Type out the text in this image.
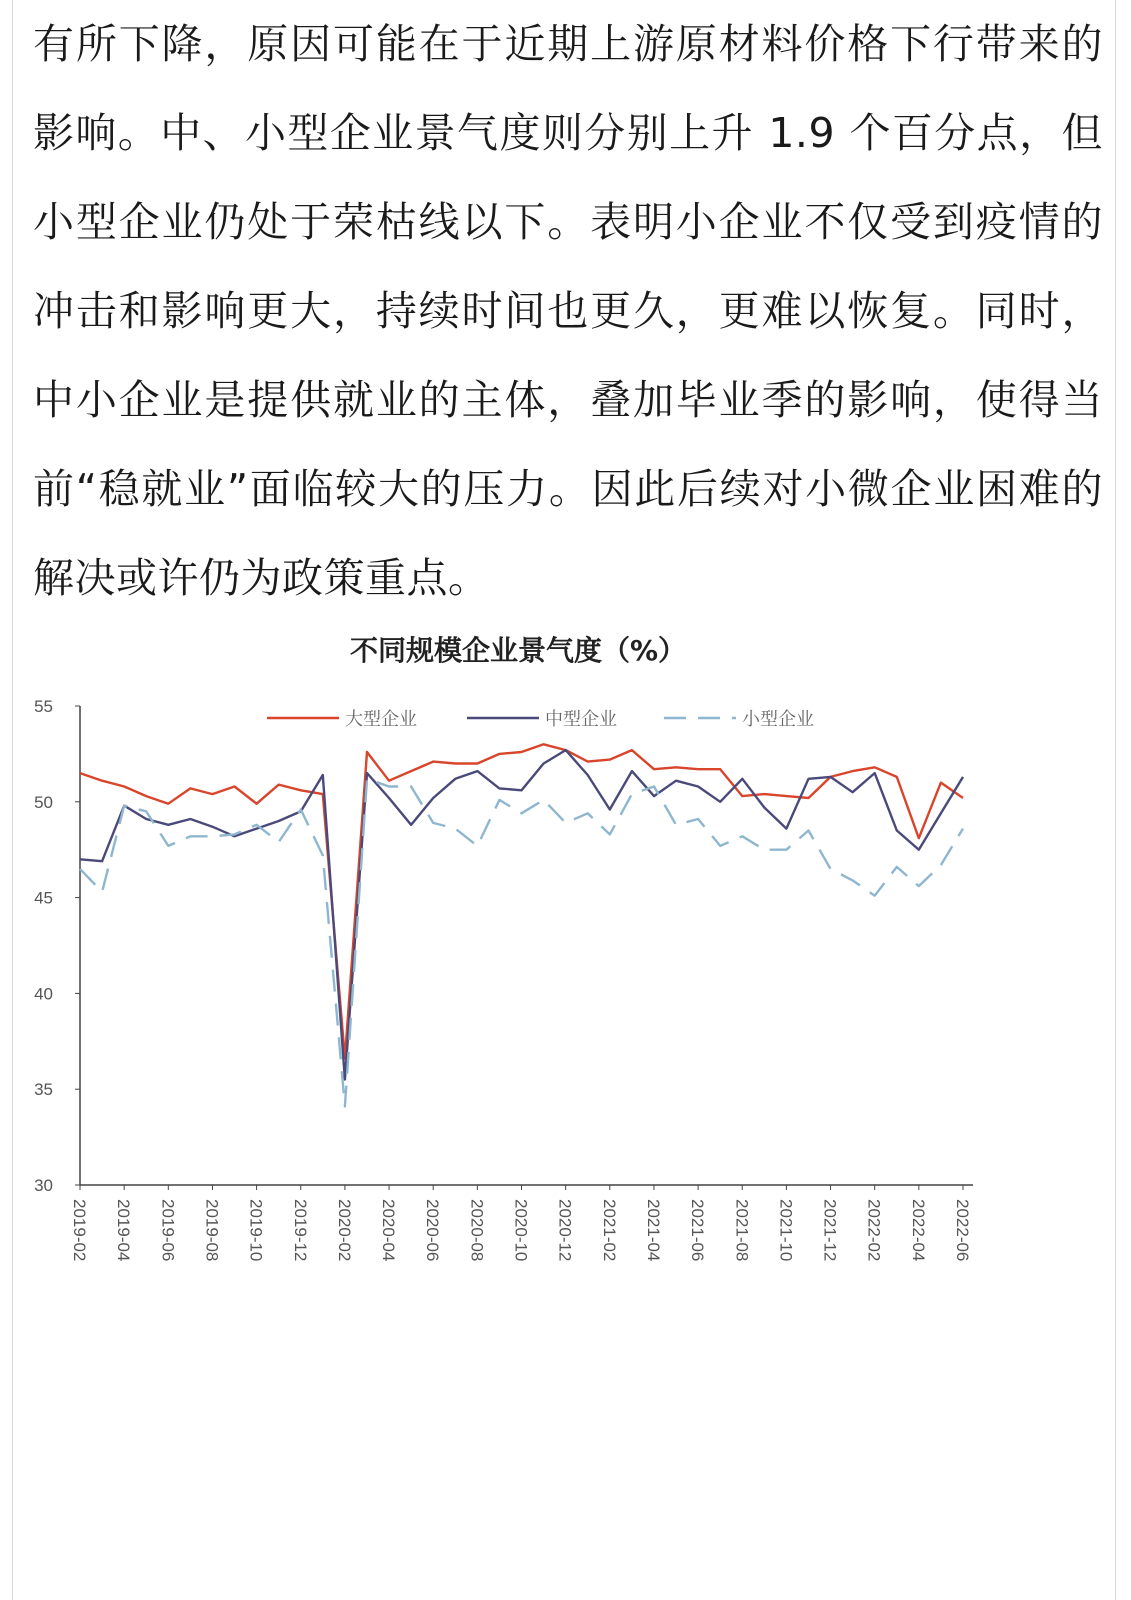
有所下降，原因可能在于近期上游原材料价格下行带来的影响。中、小型企业景气度则分别上升 1.9 个百分点，但小型企业仍处于荣枯线以下。表明小企业不仅受到疫情的冲击和影响更大，持续时间也更久，更难以恢复。同时，中小企业是提供就业的主体，叠加毕业季的影响，使得当前“稳就业”面临较大的压力。因此后续对小微企业困难的解决或许仍为政策重点。

不同规模企业景气度（%）
30
35
40
45
50
55
2019-02 2019-04 2019-06 2019-08 2019-10 2019-12 2020-02 2020-04 2020-06 2020-08 2020-10 2020-12 2021-02 2021-04 2021-06 2021-08 2021-10 2021-12 2022-02 2022-04 2022-06
大型企业	中型企业	小型企业
